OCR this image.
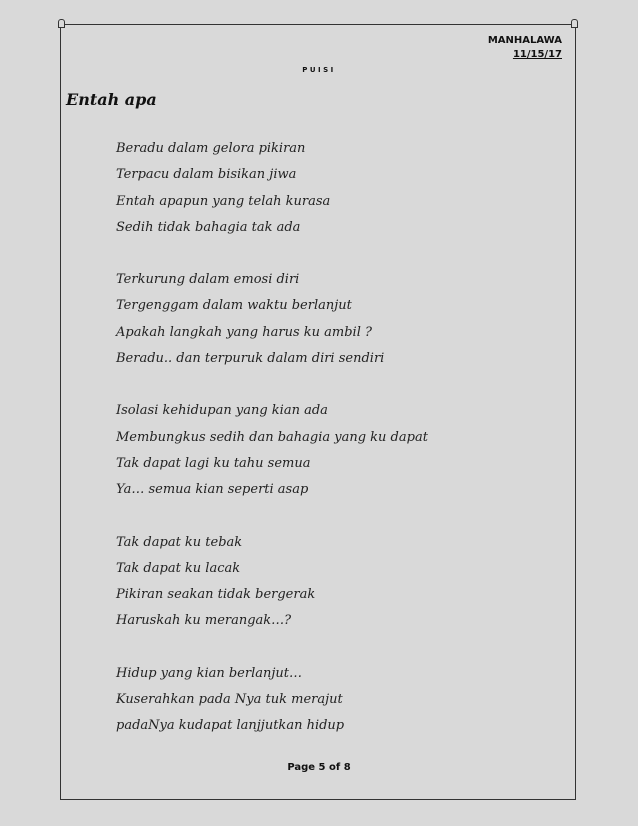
MANHALAWA
11/15/17
PUISI
Entah apa
Beradu dalam gelora pikiran
Terpacu dalam bisikan jiwa
Entah apapun yang telah kurasa
Sedih tidak bahagia tak ada
Terkurung dalam emosi diri
Tergenggam dalam waktu berlanjut
Apakah langkah yang harus ku ambil ?
Beradu.. dan terpuruk dalam diri sendiri
Isolasi kehidupan yang kian ada
Membungkus sedih dan bahagia yang ku dapat
Tak dapat lagi ku tahu semua
Ya… semua kian seperti asap
Tak dapat ku tebak
Tak dapat ku lacak
Pikiran seakan tidak bergerak
Haruskah ku merangak…?
Hidup yang kian berlanjut…
Kuserahkan pada Nya tuk merajut
padaNya kudapat lanjjutkan hidup
Page 5 of 8
